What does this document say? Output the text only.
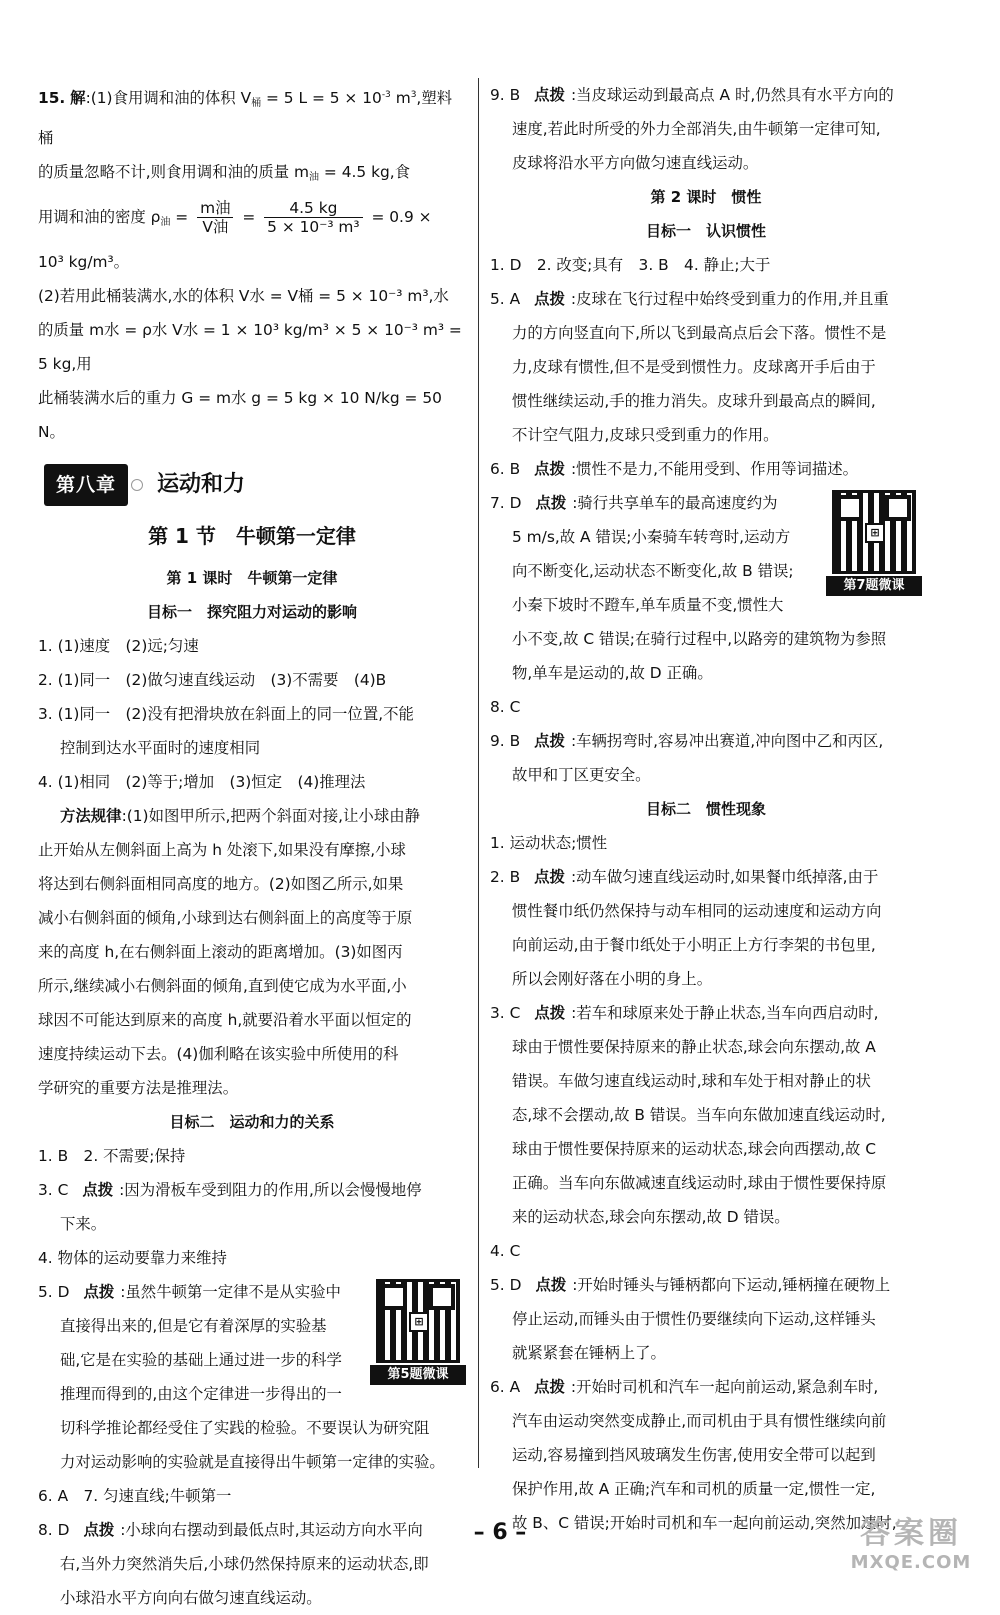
15. 解:(1)食用调和油的体积 $V_桶 = 5$ $L = 5 \times 10^{-3}$ $m^3$,塑料桶

的质量忽略不计,则食用调和油的质量 $m_油 = 4.5$ kg,食

用调和油的密度 $\rho_油 = \frac{\text{m油}}{\text{V油}} = \frac{4.5 kg}{\text{5 × 10⁻³ m³}} = 0.9$ ×

10³ kg/m³。

(2)若用此桶装满水,水的体积 V水 = V桶 = 5 × 10⁻³ m³,水

的质量 m水 = ρ水 V水 = 1 × 10³ kg/m³ × 5 × 10⁻³ m³ = 5 kg,用

此桶装满水后的重力 G = m水 g = 5 kg × 10 N/kg = 50 N。

第八章	运动和力
第 1 节　牛顿第一定律

第 1 课时　牛顿第一定律

目标一　探究阻力对运动的影响

1. (1)速度　(2)远;匀速

2. (1)同一　(2)做匀速直线运动　(3)不需要　(4)B

3. (1)同一　(2)没有把滑块放在斜面上的同一位置,不能

控制到达水平面时的速度相同

4. (1)相同　(2)等于;增加　(3)恒定　(4)推理法

方法规律:(1)如图甲所示,把两个斜面对接,让小球由静

止开始从左侧斜面上高为 h 处滚下,如果没有摩擦,小球

将达到右侧斜面相同高度的地方。(2)如图乙所示,如果

减小右侧斜面的倾角,小球到达右侧斜面上的高度等于原

来的高度 h,在右侧斜面上滚动的距离增加。(3)如图丙

所示,继续减小右侧斜面的倾角,直到使它成为水平面,小

球因不可能达到原来的高度 h,就要沿着水平面以恒定的

速度持续运动下去。(4)伽利略在该实验中所使用的科

学研究的重要方法是推理法。

目标二　运动和力的关系

1. B　2. 不需要;保持

3. C 点拨 :因为滑板车受到阻力的作用,所以会慢慢地停

下来。

4. 物体的运动要靠力来维持

⊞
第5题微课

5. D 点拨 :虽然牛顿第一定律不是从实验中

直接得出来的,但是它有着深厚的实验基

础,它是在实验的基础上通过进一步的科学

推理而得到的,由这个定律进一步得出的一

切科学推论都经受住了实践的检验。不要误认为研究阻

力对运动影响的实验就是直接得出牛顿第一定律的实验。

6. A　7. 匀速直线;牛顿第一

8. D 点拨 :小球向右摆动到最低点时,其运动方向水平向

右,当外力突然消失后,小球仍然保持原来的运动状态,即

小球沿水平方向向右做匀速直线运动。

9. B 点拨 :当皮球运动到最高点 A 时,仍然具有水平方向的

速度,若此时所受的外力全部消失,由牛顿第一定律可知,

皮球将沿水平方向做匀速直线运动。

第 2 课时　惯性

目标一　认识惯性

1. D　2. 改变;具有　3. B　4. 静止;大于

5. A 点拨 :皮球在飞行过程中始终受到重力的作用,并且重

力的方向竖直向下,所以飞到最高点后会下落。惯性不是

力,皮球有惯性,但不是受到惯性力。皮球离开手后由于

惯性继续运动,手的推力消失。皮球升到最高点的瞬间,

不计空气阻力,皮球只受到重力的作用。

6. B 点拨 :惯性不是力,不能用受到、作用等词描述。

⊞
第7题微课

7. D 点拨 :骑行共享单车的最高速度约为

5 m/s,故 A 错误;小秦骑车转弯时,运动方

向不断变化,运动状态不断变化,故 B 错误;

小秦下坡时不蹬车,单车质量不变,惯性大

小不变,故 C 错误;在骑行过程中,以路旁的建筑物为参照

物,单车是运动的,故 D 正确。

8. C

9. B 点拨 :车辆拐弯时,容易冲出赛道,冲向图中乙和丙区,

故甲和丁区更安全。

目标二　惯性现象

1. 运动状态;惯性

2. B 点拨 :动车做匀速直线运动时,如果餐巾纸掉落,由于

惯性餐巾纸仍然保持与动车相同的运动速度和运动方向

向前运动,由于餐巾纸处于小明正上方行李架的书包里,

所以会刚好落在小明的身上。

3. C 点拨 :若车和球原来处于静止状态,当车向西启动时,

球由于惯性要保持原来的静止状态,球会向东摆动,故 A

错误。车做匀速直线运动时,球和车处于相对静止的状

态,球不会摆动,故 B 错误。当车向东做加速直线运动时,

球由于惯性要保持原来的运动状态,球会向西摆动,故 C

正确。当车向东做减速直线运动时,球由于惯性要保持原

来的运动状态,球会向东摆动,故 D 错误。

4. C

5. D 点拨 :开始时锤头与锤柄都向下运动,锤柄撞在硬物上

停止运动,而锤头由于惯性仍要继续向下运动,这样锤头

就紧紧套在锤柄上了。

6. A 点拨 :开始时司机和汽车一起向前运动,紧急刹车时,

汽车由运动突然变成静止,而司机由于具有惯性继续向前

运动,容易撞到挡风玻璃发生伤害,使用安全带可以起到

保护作用,故 A 正确;汽车和司机的质量一定,惯性一定,

故 B、C 错误;开始时司机和车一起向前运动,突然加速时,

– 6 –	答案圈
MXQE.COM
